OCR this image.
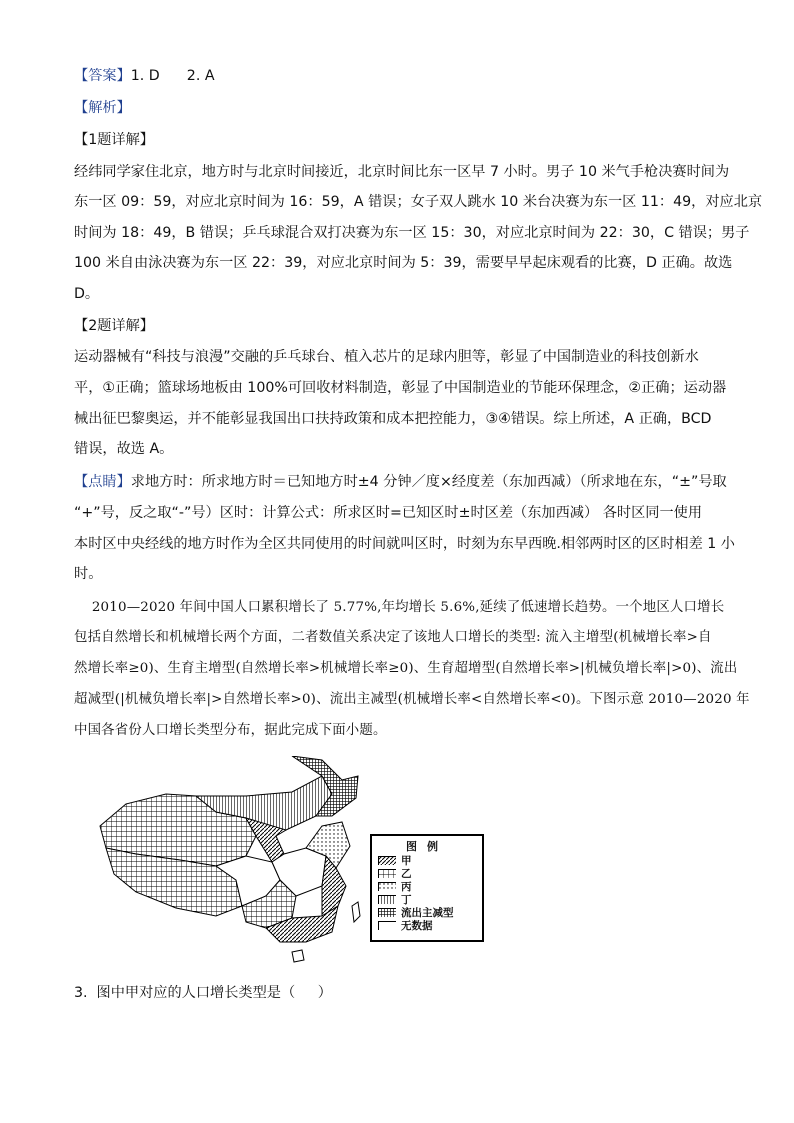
【答案】1. D      2. A
【解析】
【1题详解】
经纬同学家住北京，地方时与北京时间接近，北京时间比东一区早 7 小时。男子 10 米气手枪决赛时间为
东一区 09：59，对应北京时间为 16：59，A 错误；女子双人跳水 10 米台决赛为东一区 11：49，对应北京
时间为 18：49，B 错误；乒乓球混合双打决赛为东一区 15：30，对应北京时间为 22：30，C 错误；男子
100 米自由泳决赛为东一区 22：39，对应北京时间为 5：39，需要早早起床观看的比赛，D 正确。故选
D。
【2题详解】
运动器械有“科技与浪漫”交融的乒乓球台、植入芯片的足球内胆等，彰显了中国制造业的科技创新水
平，①正确；篮球场地板由 100%可回收材料制造，彰显了中国制造业的节能环保理念，②正确；运动器
械出征巴黎奥运，并不能彰显我国出口扶持政策和成本把控能力，③④错误。综上所述，A 正确，BCD
错误，故选 A。
【点睛】求地方时：所求地方时＝已知地方时±4 分钟／度×经度差（东加西减）（所求地在东，“±”号取
“+”号，反之取“-”号）区时：计算公式：所求区时=已知区时±时区差（东加西减） 各时区同一使用
本时区中央经线的地方时作为全区共同使用的时间就叫区时，时刻为东早西晚.相邻两时区的区时相差 1 小
时。
2010—2020 年间中国人口累积增长了 5.77%,年均增长 5.6%,延续了低速增长趋势。一个地区人口增长
包括自然增长和机械增长两个方面，二者数值关系决定了该地人口增长的类型: 流入主增型(机械增长率>自
然增长率≥0)、生育主增型(自然增长率>机械增长率≥0)、生育超增型(自然增长率>|机械负增长率|>0)、流出
超减型(|机械负增长率|>自然增长率>0)、流出主减型(机械增长率<自然增长率<0)。下图示意 2010—2020 年
中国各省份人口增长类型分布，据此完成下面小题。
图例
甲
乙
丙
丁
流出主减型
无数据
3.  图中甲对应的人口增长类型是（     ）
